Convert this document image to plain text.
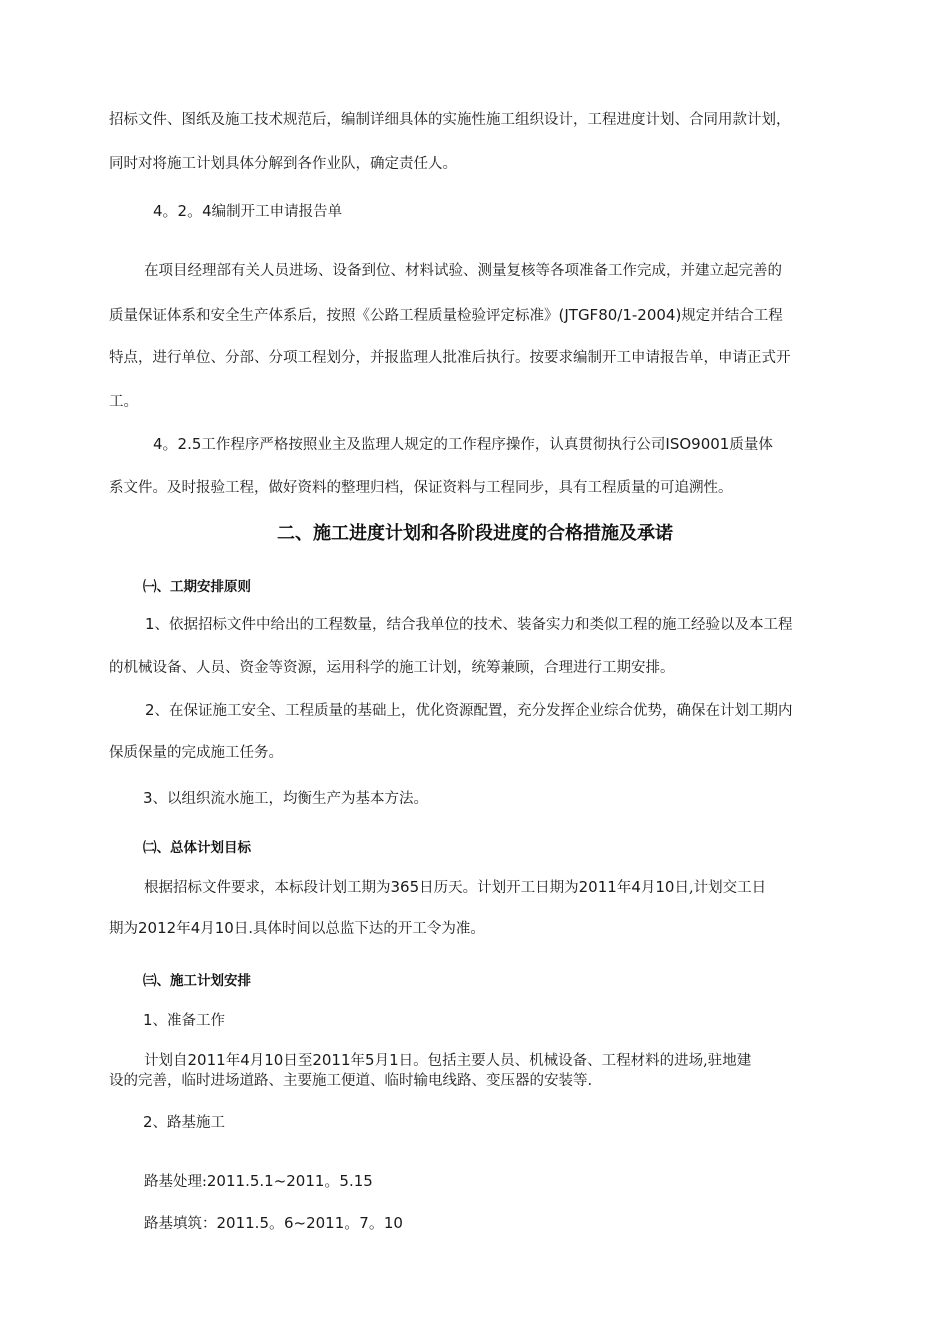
招标文件、图纸及施工技术规范后，编制详细具体的实施性施工组织设计，工程进度计划、合同用款计划，
同时对将施工计划具体分解到各作业队，确定责任人。
4。2。4编制开工申请报告单
在项目经理部有关人员进场、设备到位、材料试验、测量复核等各项准备工作完成，并建立起完善的
质量保证体系和安全生产体系后，按照《公路工程质量检验评定标准》(JTGF80/1-2004)规定并结合工程
特点，进行单位、分部、分项工程划分，并报监理人批准后执行。按要求编制开工申请报告单，申请正式开
工。
4。2.5工作程序严格按照业主及监理人规定的工作程序操作，认真贯彻执行公司ISO9001质量体
系文件。及时报验工程，做好资料的整理归档，保证资料与工程同步，具有工程质量的可追溯性。
二、施工进度计划和各阶段进度的合格措施及承诺
㈠、工期安排原则
1、依据招标文件中给出的工程数量，结合我单位的技术、装备实力和类似工程的施工经验以及本工程
的机械设备、人员、资金等资源，运用科学的施工计划，统筹兼顾，合理进行工期安排。
2、在保证施工安全、工程质量的基础上，优化资源配置，充分发挥企业综合优势，确保在计划工期内
保质保量的完成施工任务。
3、以组织流水施工，均衡生产为基本方法。
㈡、总体计划目标
根据招标文件要求，本标段计划工期为365日历天。计划开工日期为2011年4月10日,计划交工日
期为2012年4月10日.具体时间以总监下达的开工令为准。
㈢、施工计划安排
1、准备工作
计划自2011年4月10日至2011年5月1日。包括主要人员、机械设备、工程材料的进场,驻地建
设的完善，临时进场道路、主要施工便道、临时输电线路、变压器的安装等.
2、路基施工
路基处理:2011.5.1~2011。5.15
路基填筑：2011.5。6~2011。7。10
